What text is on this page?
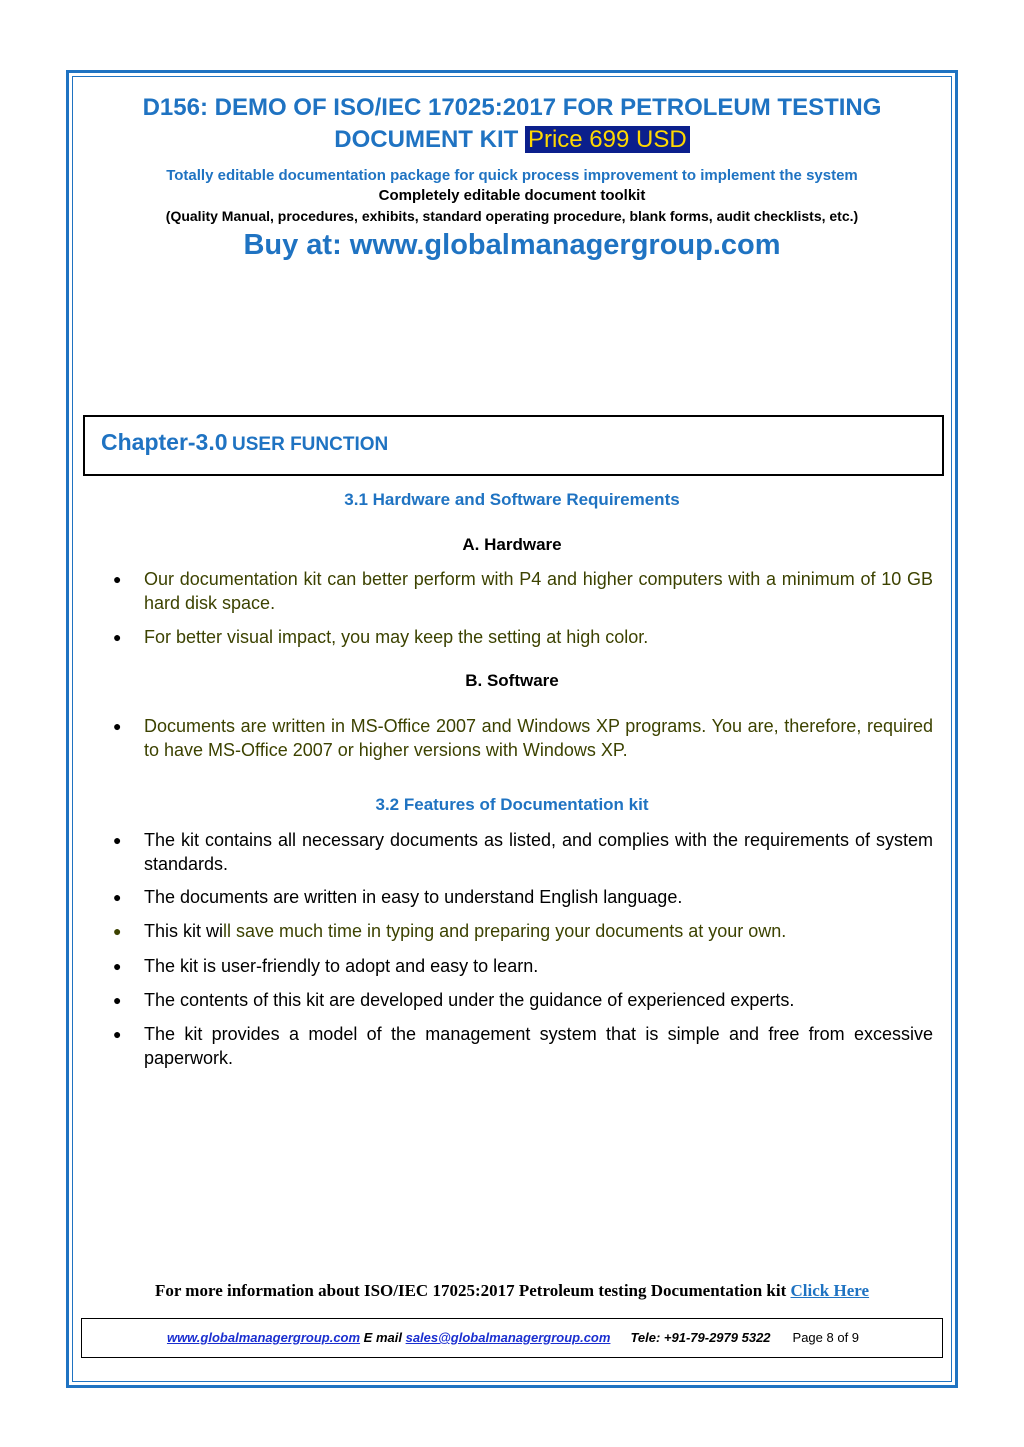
D156: DEMO OF ISO/IEC 17025:2017 FOR PETROLEUM TESTING
DOCUMENT KIT Price 699 USD
Totally editable documentation package for quick process improvement to implement the system
Completely editable document toolkit
(Quality Manual, procedures, exhibits, standard operating procedure, blank forms, audit checklists, etc.)
Buy at: www.globalmanagergroup.com
Chapter-3.0 USER FUNCTION
3.1 Hardware and Software Requirements
A. Hardware
● Our documentation kit can better perform with P4 and higher computers with a minimum of 10 GB hard disk space.
● For better visual impact, you may keep the setting at high color.
B. Software
● Documents are written in MS-Office 2007 and Windows XP programs. You are, therefore, required to have MS-Office 2007 or higher versions with Windows XP.
3.2 Features of Documentation kit
● The kit contains all necessary documents as listed, and complies with the requirements of system standards.
● The documents are written in easy to understand English language.
● This kit will save much time in typing and preparing your documents at your own.
● The kit is user-friendly to adopt and easy to learn.
● The contents of this kit are developed under the guidance of experienced experts.
● The kit provides a model of the management system that is simple and free from excessive paperwork.
For more information about ISO/IEC 17025:2017 Petroleum testing Documentation kit Click Here
www.globalmanagergroup.com E mail sales@globalmanagergroup.com Tele: +91-79-2979 5322 Page 8 of 9
